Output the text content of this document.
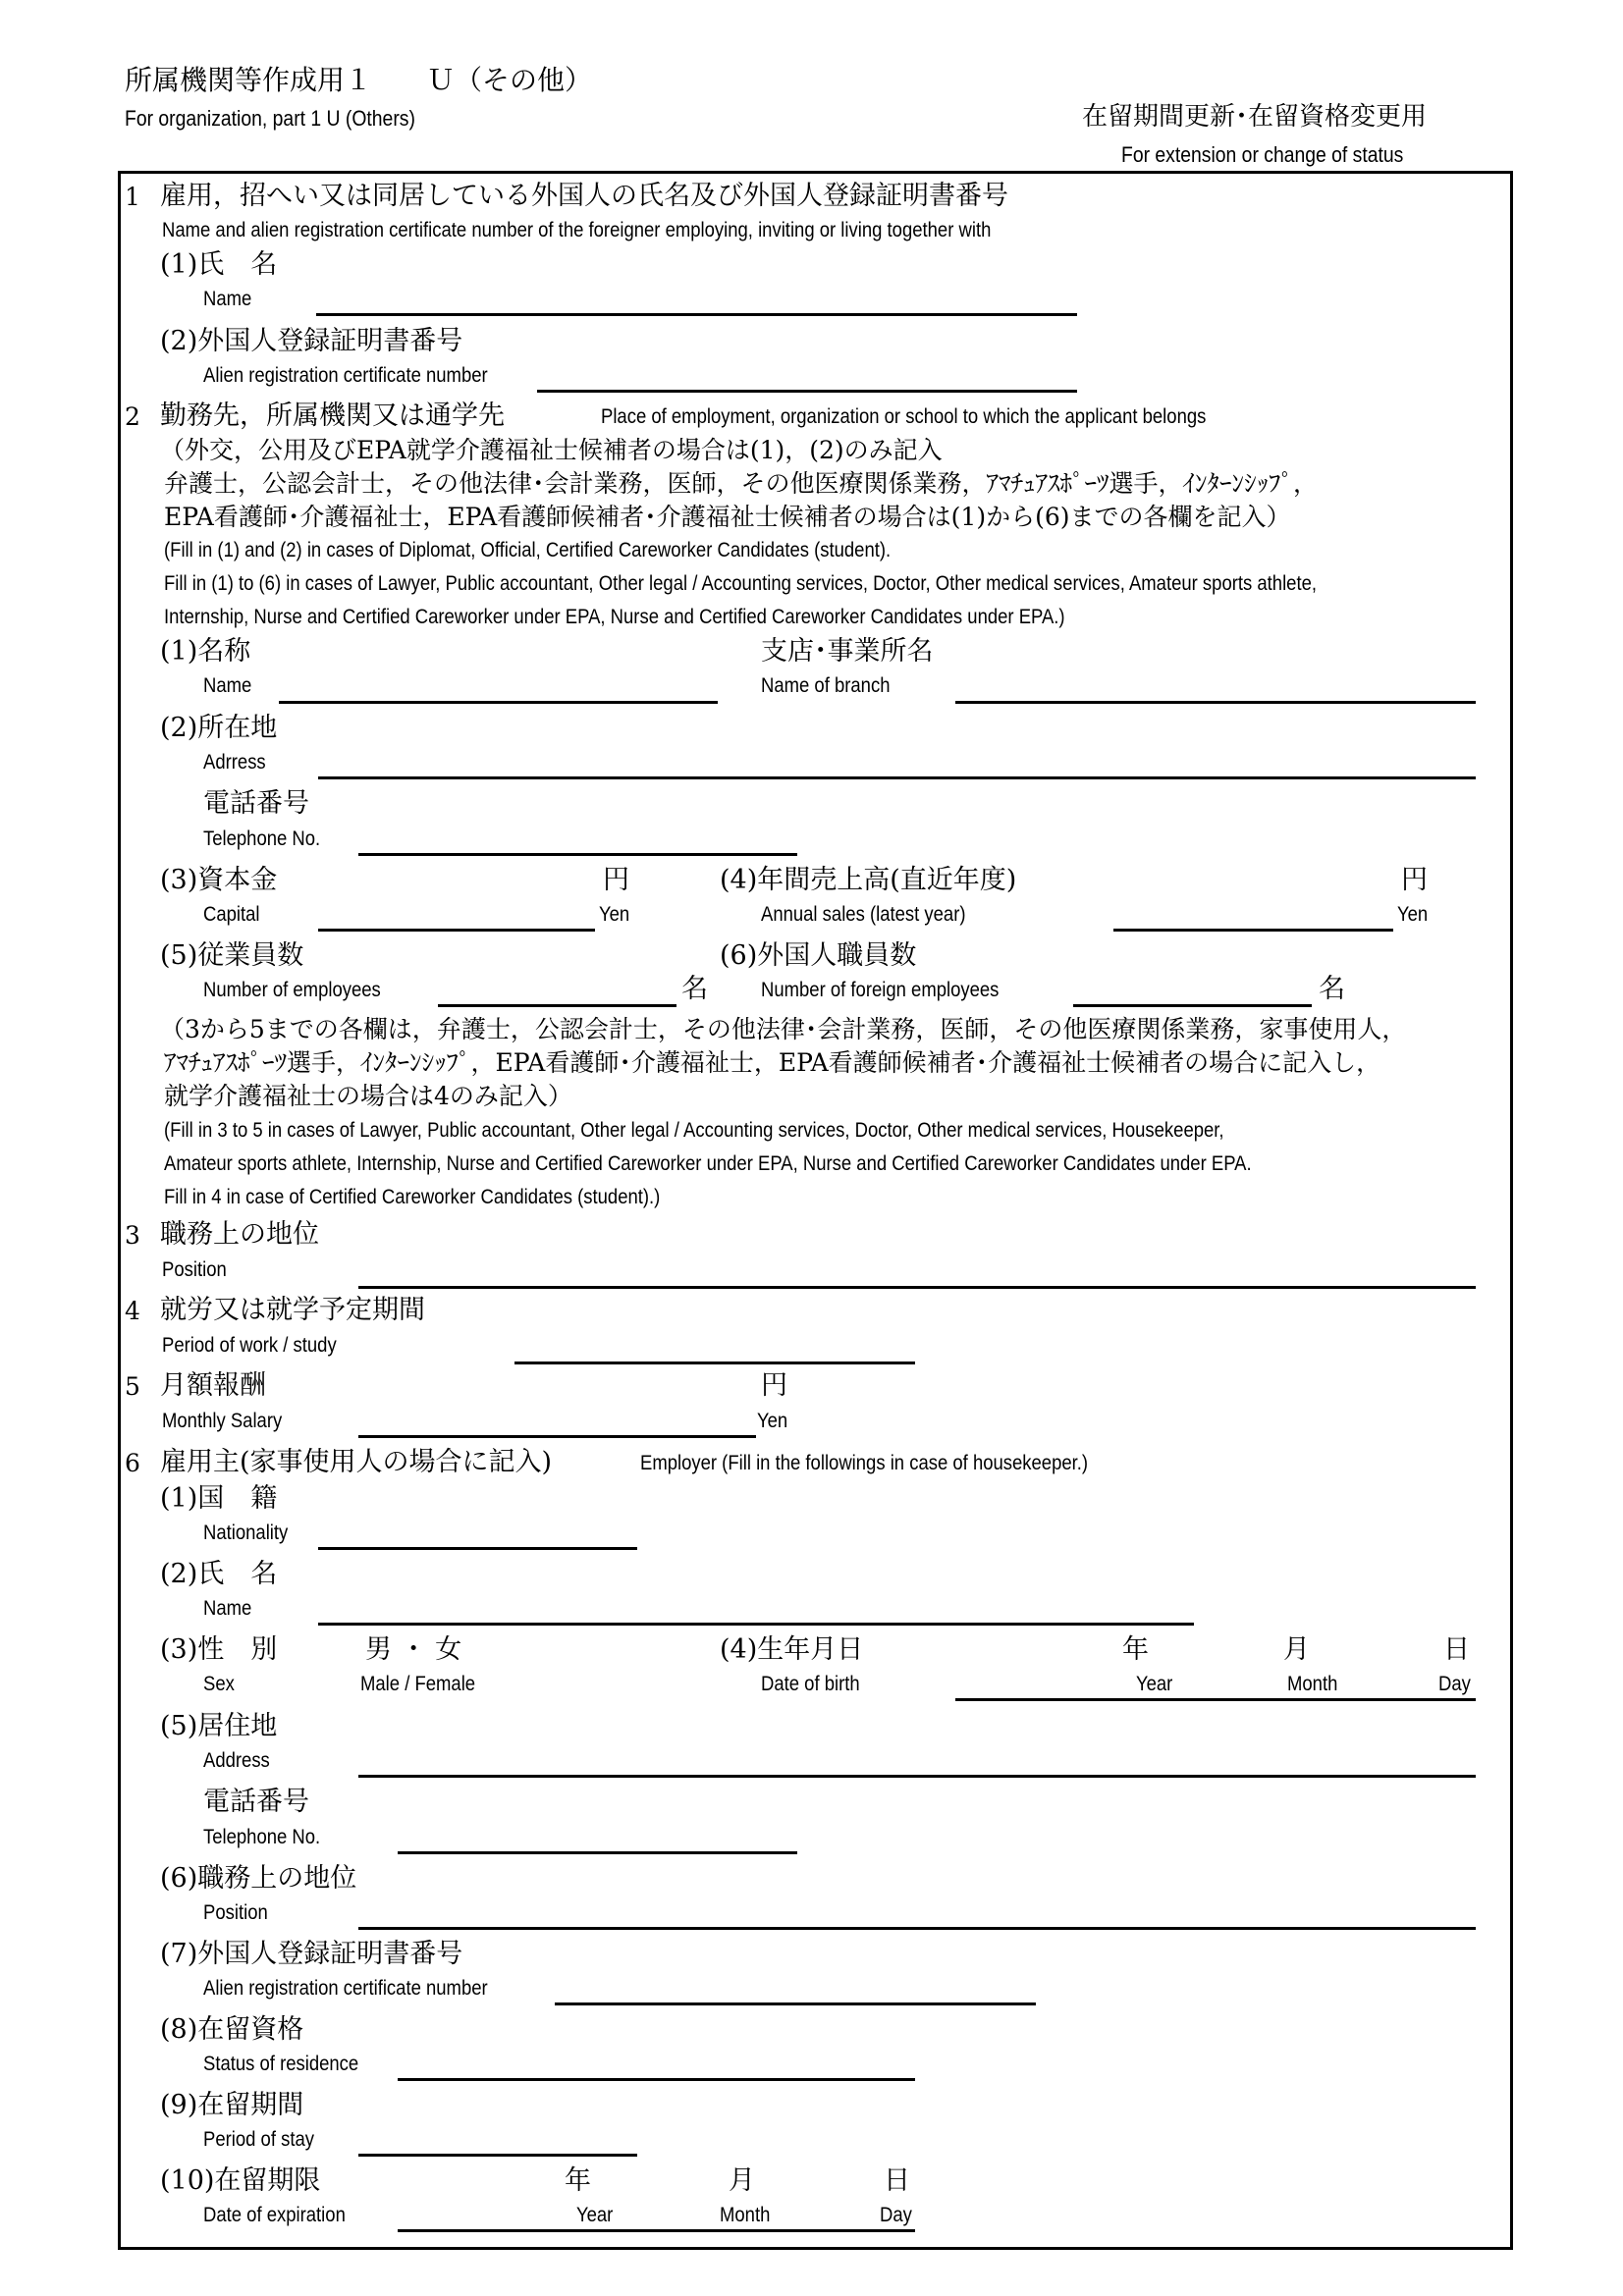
所属機関等作成用１　　Ｕ（その他）
For organization, part 1 U (Others)	在留期間更新･在留資格変更用
For extension or change of status
1 雇用，招へい又は同居している外国人の氏名及び外国人登録証明書番号
Name and alien registration certificate number of the foreigner employing, inviting or living together with
(1)氏　名
Name
(2)外国人登録証明書番号
Alien registration certificate number
2 勤務先，所属機関又は通学先	Place of employment, organization or school to which the applicant belongs
（外交，公用及びEPA就学介護福祉士候補者の場合は(1)，(2)のみ記入
弁護士，公認会計士，その他法律･会計業務，医師，その他医療関係業務，ｱﾏﾁｭｱｽﾎﾟｰﾂ選手，ｲﾝﾀｰﾝｼｯﾌﾟ，
EPA看護師･介護福祉士，EPA看護師候補者･介護福祉士候補者の場合は(1)から(6)までの各欄を記入）
(Fill in (1) and (2) in cases of Diplomat, Official, Certified Careworker Candidates (student).
Fill in (1) to (6) in cases of Lawyer, Public accountant, Other legal / Accounting services, Doctor, Other medical services, Amateur sports athlete,
Internship, Nurse and Certified Careworker under EPA, Nurse and Certified Careworker Candidates under EPA.)
(1)名称
Name
支店･事業所名
Name of branch
(2)所在地
Adrress
電話番号
Telephone No.
(3)資本金
Capital
円
Yen
(4)年間売上高(直近年度)
Annual sales (latest year)
円
Yen
(5)従業員数
Number of employees	名
(6)外国人職員数
Number of foreign employees	名
（3から5までの各欄は，弁護士，公認会計士，その他法律･会計業務，医師，その他医療関係業務，家事使用人，
ｱﾏﾁｭｱｽﾎﾟｰﾂ選手，ｲﾝﾀｰﾝｼｯﾌﾟ，EPA看護師･介護福祉士，EPA看護師候補者･介護福祉士候補者の場合に記入し，
就学介護福祉士の場合は4のみ記入）
(Fill in 3 to 5 in cases of Lawyer, Public accountant, Other legal / Accounting services, Doctor, Other medical services, Housekeeper,
Amateur sports athlete, Internship, Nurse and Certified Careworker under EPA, Nurse and Certified Careworker Candidates under EPA.
Fill in 4 in case of Certified Careworker Candidates (student).)
3 職務上の地位
Position
4 就労又は就学予定期間
Period of work / study
5 月額報酬
Monthly Salary
円
Yen
6 雇用主(家事使用人の場合に記入)	Employer (Fill in the followings in case of housekeeper.)
(1)国　籍
Nationality
(2)氏　名
Name
(3)性　別
Sex
男 ・ 女
Male / Female
(4)生年月日
Date of birth
年
Year
月
Month
日
Day
(5)居住地
Address
電話番号
Telephone No.
(6)職務上の地位
Position
(7)外国人登録証明書番号
Alien registration certificate number
(8)在留資格
Status of residence
(9)在留期間
Period of stay
(10)在留期限
Date of expiration
年
Year
月
Month
日
Day
